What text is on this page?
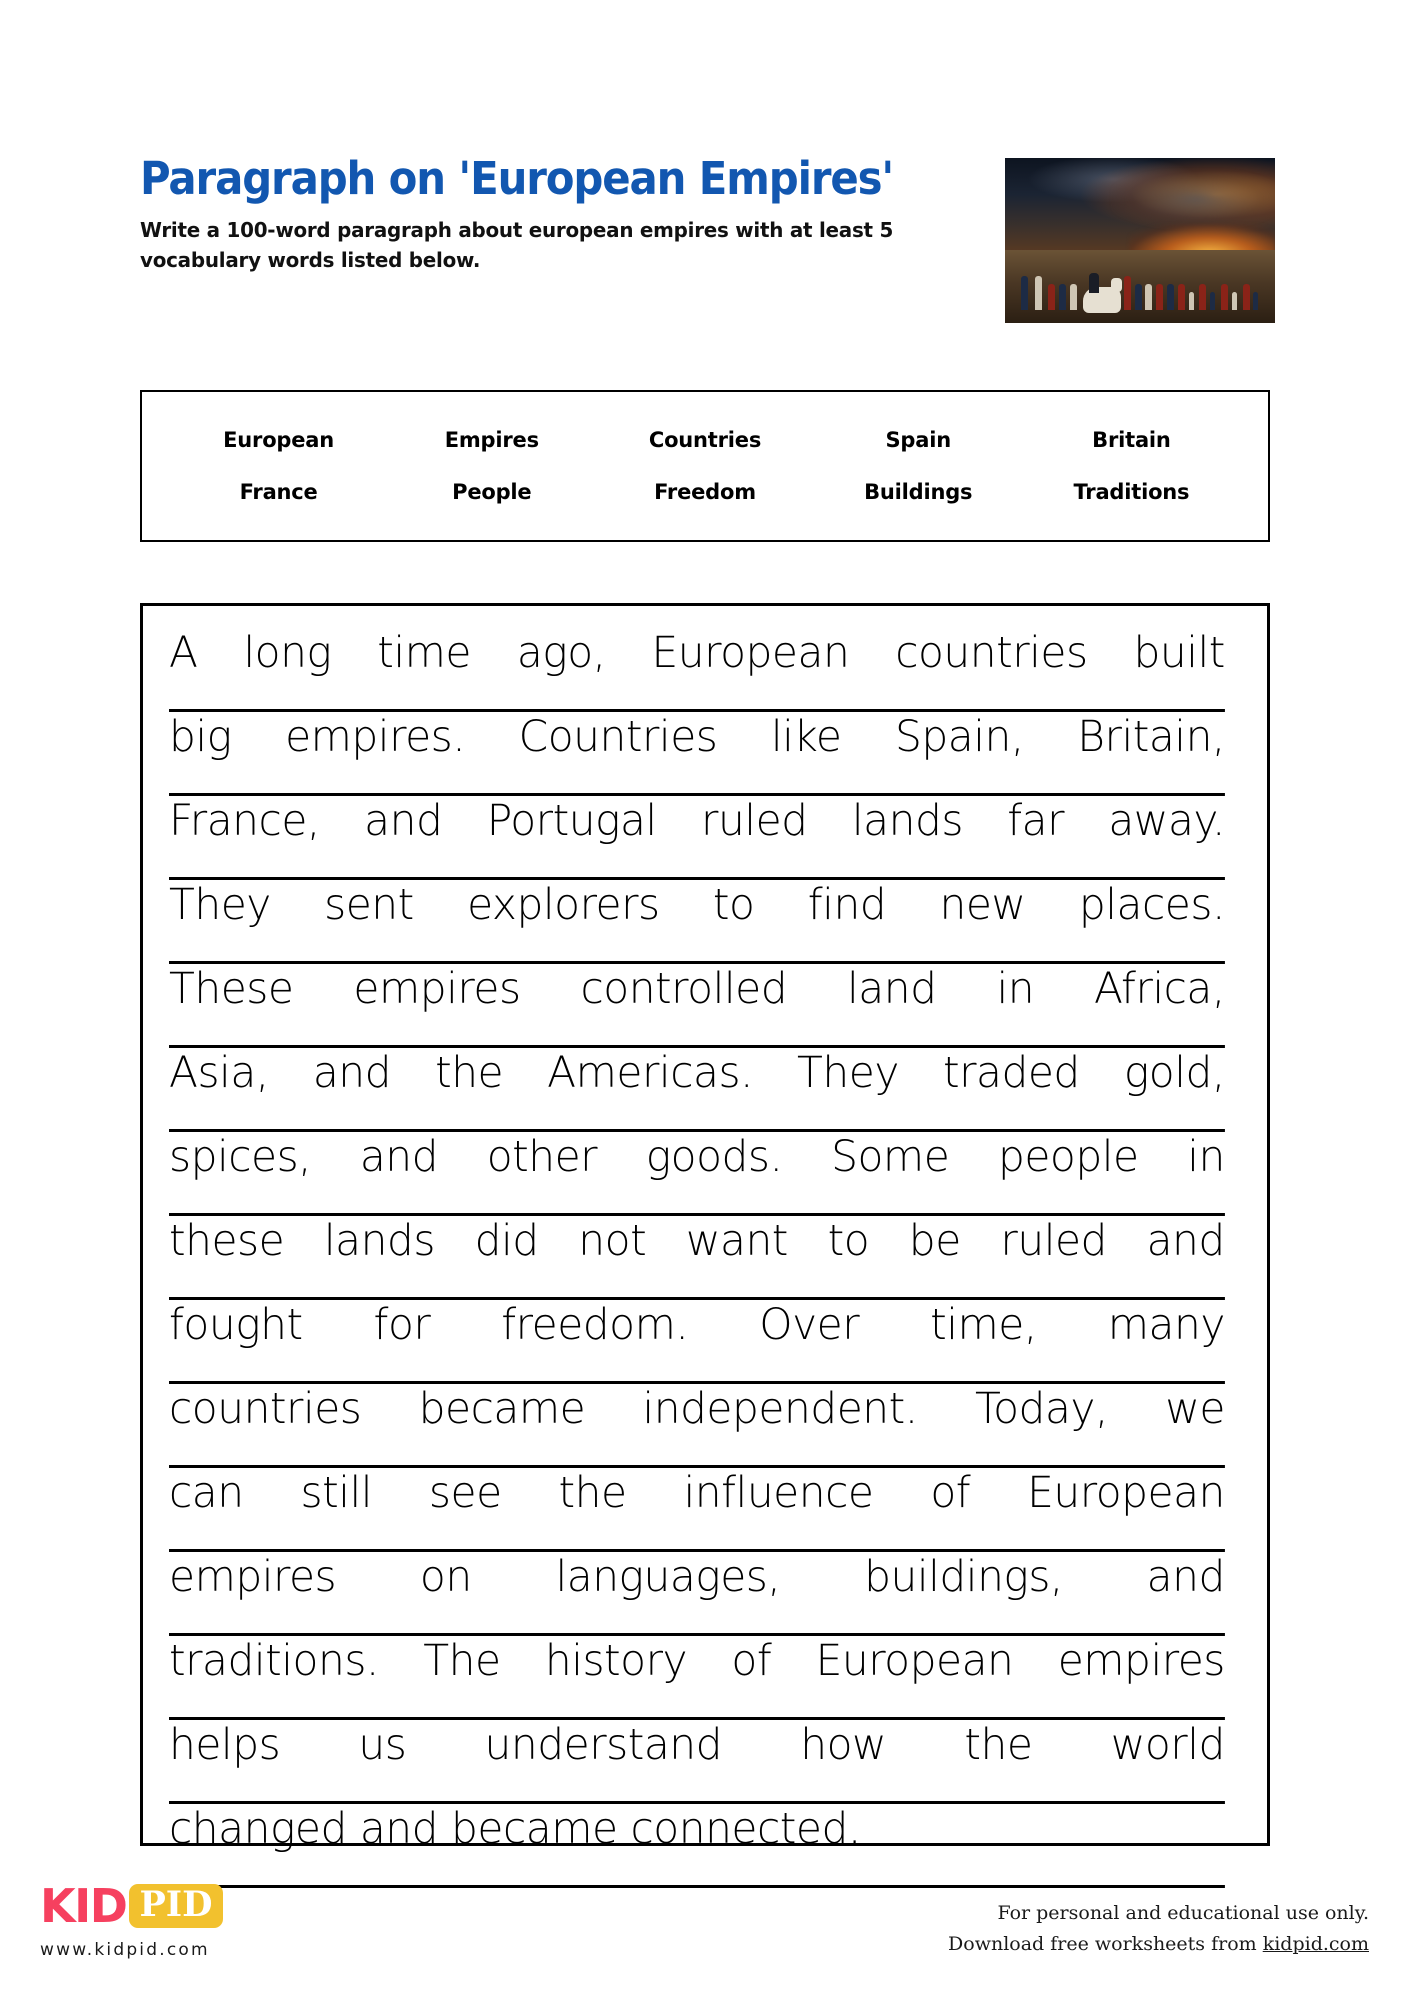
Paragraph on 'European Empires'
Write a 100-word paragraph about european empires with at least 5 vocabulary words listed below.
European	Empires	Countries	Spain	Britain
France	People	Freedom	Buildings	Traditions
A long time ago, European countries built
big empires. Countries like Spain, Britain,
France, and Portugal ruled lands far away.
They sent explorers to find new places.
These empires controlled land in Africa,
Asia, and the Americas. They traded gold,
spices, and other goods. Some people in
these lands did not want to be ruled and
fought for freedom. Over time, many
countries became independent. Today, we
can still see the influence of European
empires on languages, buildings, and
traditions. The history of European empires
helps us understand how the world
changed and became connected.
KID PID
www.kidpid.com
For personal and educational use only.
Download free worksheets from kidpid.com
